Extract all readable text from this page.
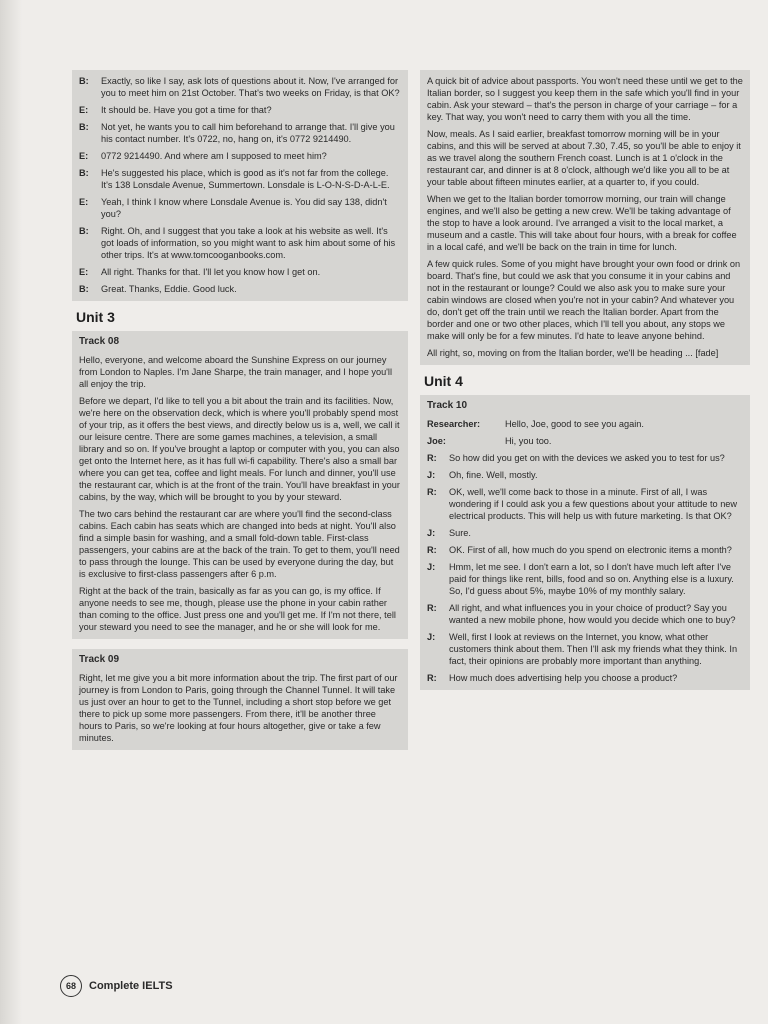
B:	Exactly, so like I say, ask lots of questions about it. Now, I've arranged for you to meet him on 21st October. That's two weeks on Friday, is that OK?
E:	It should be. Have you got a time for that?
B:	Not yet, he wants you to call him beforehand to arrange that. I'll give you his contact number. It's 0722, no, hang on, it's 0772 9214490.
E:	0772 9214490. And where am I supposed to meet him?
B:	He's suggested his place, which is good as it's not far from the college. It's 138 Lonsdale Avenue, Summertown. Lonsdale is L-O-N-S-D-A-L-E.
E:	Yeah, I think I know where Lonsdale Avenue is. You did say 138, didn't you?
B:	Right. Oh, and I suggest that you take a look at his website as well. It's got loads of information, so you might want to ask him about some of his other trips. It's at www.tomcooganbooks.com.
E:	All right. Thanks for that. I'll let you know how I get on.
B:	Great. Thanks, Eddie. Good luck.
Unit 3
Track 08

Hello, everyone, and welcome aboard the Sunshine Express on our journey from London to Naples. I'm Jane Sharpe, the train manager, and I hope you'll all enjoy the trip.

Before we depart, I'd like to tell you a bit about the train and its facilities. Now, we're here on the observation deck, which is where you'll probably spend most of your trip, as it offers the best views, and directly below us is a, well, we call it our leisure centre. There are some games machines, a television, a small library and so on. If you've brought a laptop or computer with you, you can also get onto the Internet here, as it has full wi-fi capability. There's also a small bar where you can get tea, coffee and light meals. For lunch and dinner, you'll use the restaurant car, which is at the front of the train. You'll have breakfast in your cabins, by the way, which will be brought to you by your steward.

The two cars behind the restaurant car are where you'll find the second-class cabins. Each cabin has seats which are changed into beds at night. You'll also find a simple basin for washing, and a small fold-down table. First-class passengers, your cabins are at the back of the train. To get to them, you'll need to pass through the lounge. This can be used by everyone during the day, but is exclusive to first-class passengers after 6 p.m.

Right at the back of the train, basically as far as you can go, is my office. If anyone needs to see me, though, please use the phone in your cabin rather than coming to the office. Just press one and you'll get me. If I'm not there, tell your steward you need to see the manager, and he or she will look for me.

Track 09

Right, let me give you a bit more information about the trip. The first part of our journey is from London to Paris, going through the Channel Tunnel. It will take us just over an hour to get to the Tunnel, including a short stop before we get there to pick up some more passengers. From there, it'll be another three hours to Paris, so we're looking at four hours altogether, give or take a few minutes.

A quick bit of advice about passports. You won't need these until we get to the Italian border, so I suggest you keep them in the safe which you'll find in your cabin. Ask your steward – that's the person in charge of your carriage – for a key. That way, you won't need to carry them with you all the time.

Now, meals. As I said earlier, breakfast tomorrow morning will be in your cabins, and this will be served at about 7.30, 7.45, so you'll be able to enjoy it as we travel along the southern French coast. Lunch is at 1 o'clock in the restaurant car, and dinner is at 8 o'clock, although we'd like you all to be at your table about fifteen minutes earlier, at a quarter to, if you could.

When we get to the Italian border tomorrow morning, our train will change engines, and we'll also be getting a new crew. We'll be taking advantage of the stop to have a look around. I've arranged a visit to the local market, a museum and a castle. This will take about four hours, with a break for coffee in a local café, and we'll be back on the train in time for lunch.

A few quick rules. Some of you might have brought your own food or drink on board. That's fine, but could we ask that you consume it in your cabins and not in the restaurant or lounge? Could we also ask you to make sure your cabin windows are closed when you're not in your cabin? And whatever you do, don't get off the train until we reach the Italian border. Apart from the border and one or two other places, which I'll tell you about, any stops we make will only be for a few minutes. I'd hate to leave anyone behind.

All right, so, moving on from the Italian border, we'll be heading ... [fade]

Unit 4
Track 10
Researcher:	Hello, Joe, good to see you again.
Joe:	Hi, you too.
R:	So how did you get on with the devices we asked you to test for us?
J:	Oh, fine. Well, mostly.
R:	OK, well, we'll come back to those in a minute. First of all, I was wondering if I could ask you a few questions about your attitude to new electrical products. This will help us with future marketing. Is that OK?
J:	Sure.
R:	OK. First of all, how much do you spend on electronic items a month?
J:	Hmm, let me see. I don't earn a lot, so I don't have much left after I've paid for things like rent, bills, food and so on. Anything else is a luxury. So, I'd guess about 5%, maybe 10% of my monthly salary.
R:	All right, and what influences you in your choice of product? Say you wanted a new mobile phone, how would you decide which one to buy?
J:	Well, first I look at reviews on the Internet, you know, what other customers think about them. Then I'll ask my friends what they think. In fact, their opinions are probably more important than anything.
R:	How much does advertising help you choose a product?
68	Complete IELTS
